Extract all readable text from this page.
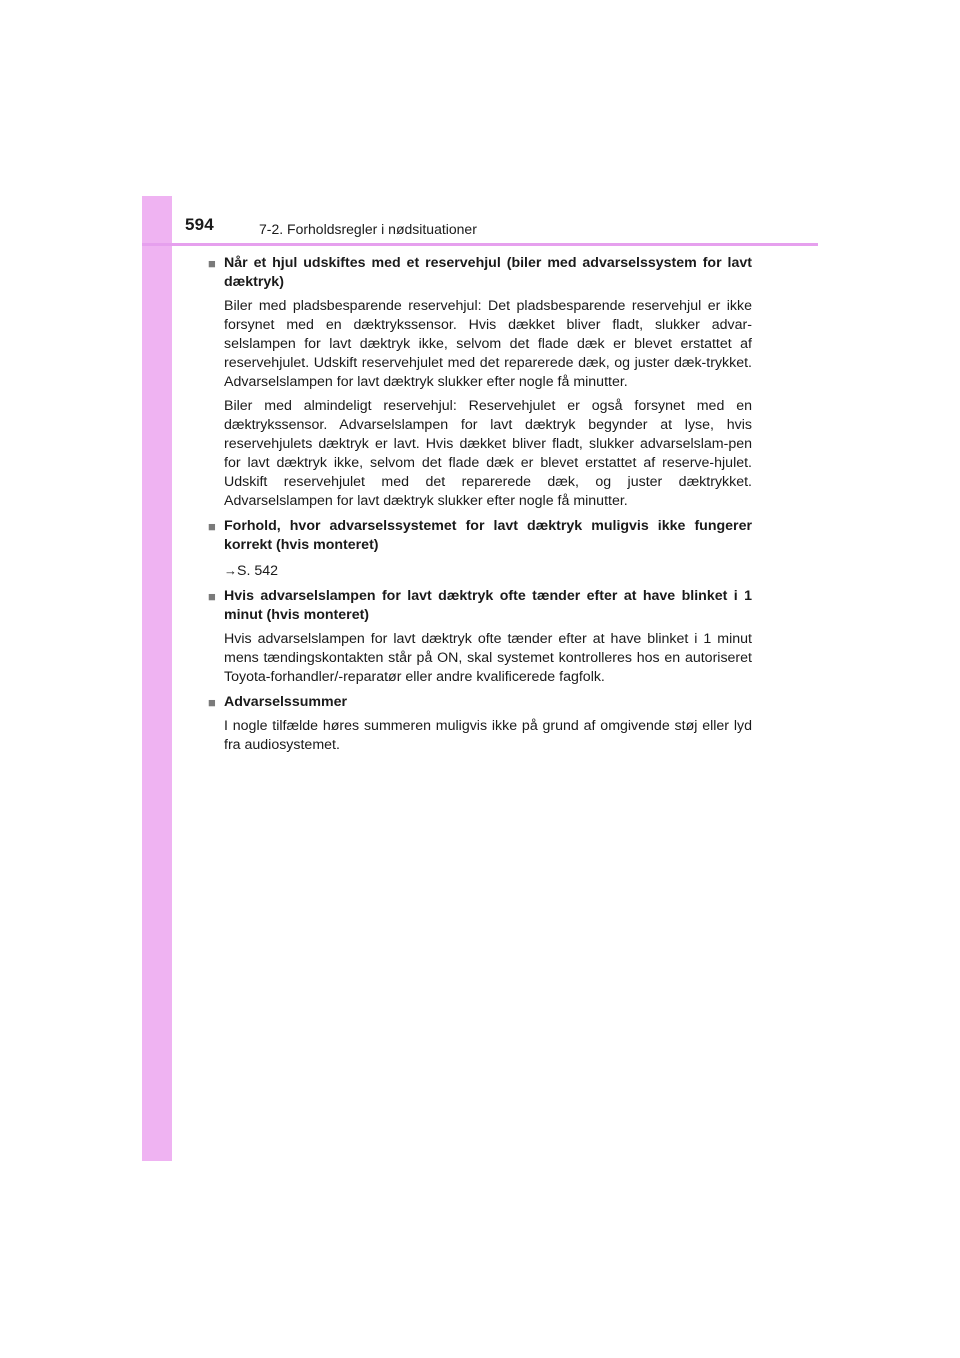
594	7-2. Forholdsregler i nødsituationer
■ Når et hjul udskiftes med et reservehjul (biler med advarselssystem for lavt dæktryk)

Biler med pladsbesparende reservehjul: Det pladsbesparende reservehjul er ikke forsynet med en dæktrykssensor. Hvis dækket bliver fladt, slukker advar-selslampen for lavt dæktryk ikke, selvom det flade dæk er blevet erstattet af reservehjulet. Udskift reservehjulet med det reparerede dæk, og juster dæk-trykket. Advarselslampen for lavt dæktryk slukker efter nogle få minutter.

Biler med almindeligt reservehjul: Reservehjulet er også forsynet med en dæktrykssensor. Advarselslampen for lavt dæktryk begynder at lyse, hvis reservehjulets dæktryk er lavt. Hvis dækket bliver fladt, slukker advarselslam-pen for lavt dæktryk ikke, selvom det flade dæk er blevet erstattet af reserve-hjulet. Udskift reservehjulet med det reparerede dæk, og juster dæktrykket. Advarselslampen for lavt dæktryk slukker efter nogle få minutter.

■ Forhold, hvor advarselssystemet for lavt dæktryk muligvis ikke fungerer korrekt (hvis monteret)
→S. 542
■ Hvis advarselslampen for lavt dæktryk ofte tænder efter at have blinket i 1 minut (hvis monteret)

Hvis advarselslampen for lavt dæktryk ofte tænder efter at have blinket i 1 minut mens tændingskontakten står på ON, skal systemet kontrolleres hos en autoriseret Toyota-forhandler/-reparatør eller andre kvalificerede fagfolk.

■ Advarselssummer

I nogle tilfælde høres summeren muligvis ikke på grund af omgivende støj eller lyd fra audiosystemet.
